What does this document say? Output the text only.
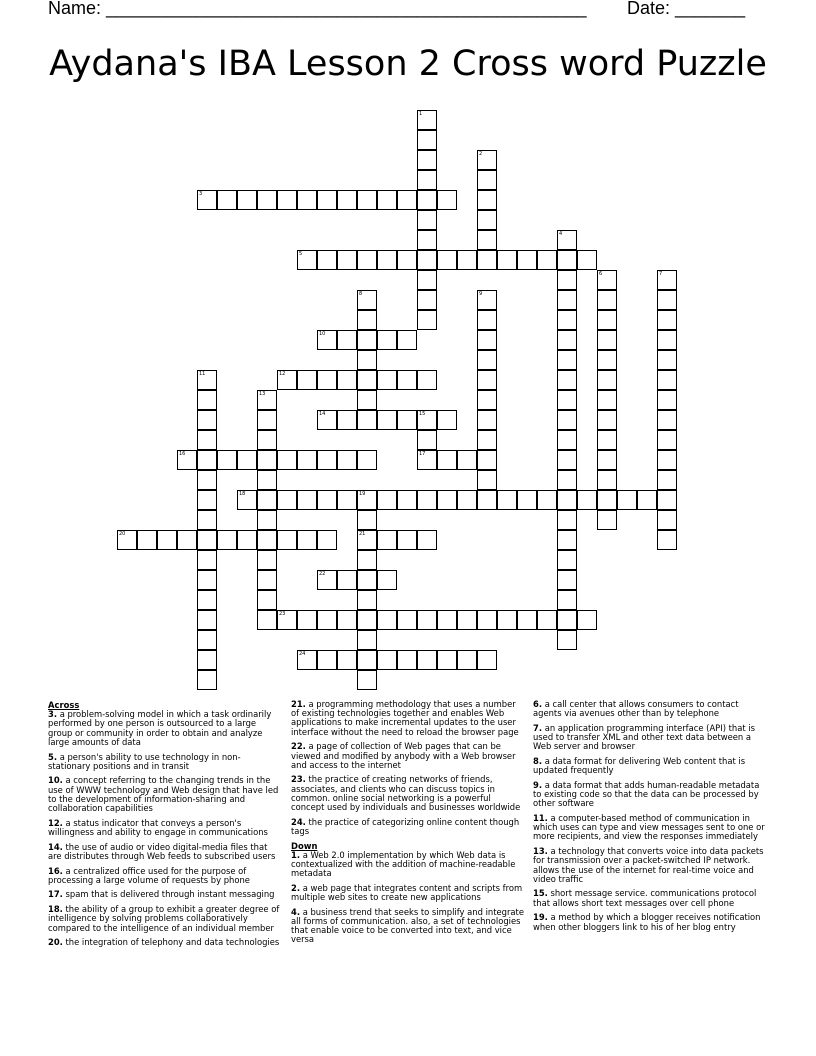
Name: ________________________________________________ Date: _______
Aydana's IBA Lesson 2 Cross word Puzzle
1
2
3
4
5
6	7
8	9
10
11	12
13
14	15
16	17
18	19
21
20
22
23
24
Across
3. a problem-solving model in which a task ordinarily performed by one person is outsourced to a large group or community in order to obtain and analyze large amounts of data
5. a person's ability to use technology in non-stationary positions and in transit
10. a concept referring to the changing trends in the use of WWW technology and Web design that have led to the development of information-sharing and collaboration capabilities
12. a status indicator that conveys a person's willingness and ability to engage in communications
14. the use of audio or video digital-media files that are distributes through Web feeds to subscribed users
16. a centralized office used for the purpose of processing a large volume of requests by phone
17. spam that is delivered through instant messaging
18. the ability of a group to exhibit a greater degree of intelligence by solving problems collaboratively compared to the intelligence of an individual member
20. the integration of telephony and data technologies
21. a programming methodology that uses a number of existing technologies together and enables Web applications to make incremental updates to the user interface without the need to reload the browser page
22. a page of collection of Web pages that can be viewed and modified by anybody with a Web browser and access to the internet
23. the practice of creating networks of friends, associates, and clients who can discuss topics in common. online social networking is a powerful concept used by individuals and businesses worldwide
24. the practice of categorizing online content though tags
Down
1. a Web 2.0 implementation by which Web data is contextualized with the addition of machine-readable metadata
2. a web page that integrates content and scripts from multiple web sites to create new applications
4. a business trend that seeks to simplify and integrate all forms of communication. also, a set of technologies that enable voice to be converted into text, and vice versa
6. a call center that allows consumers to contact agents via avenues other than by telephone
7. an application programming interface (API) that is used to transfer XML and other text data between a Web server and browser
8. a data format for delivering Web content that is updated frequently
9. a data format that adds human-readable metadata to existing code so that the data can be processed by other software
11. a computer-based method of communication in which uses can type and view messages sent to one or more recipients, and view the responses immediately
13. a technology that converts voice into data packets for transmission over a packet-switched IP network. allows the use of the internet for real-time voice and video traffic
15. short message service. communications protocol that allows short text messages over cell phone
19. a method by which a blogger receives notification when other bloggers link to his of her blog entry
